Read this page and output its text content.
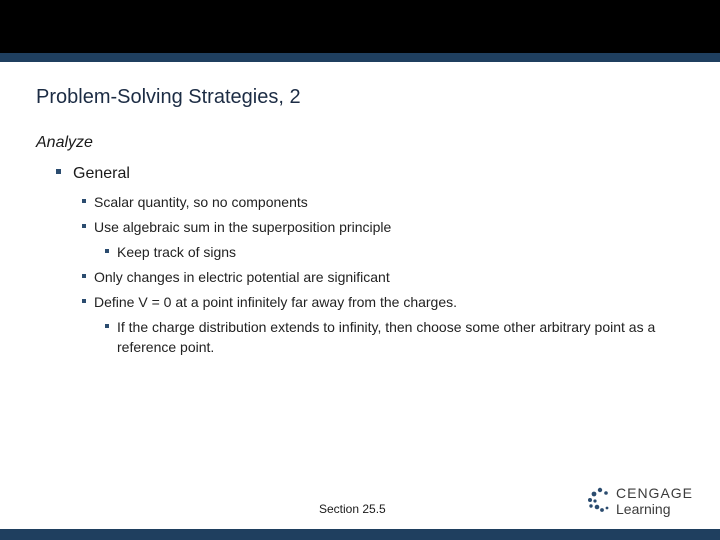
Problem-Solving Strategies, 2
Analyze
General
Scalar quantity, so no components
Use algebraic sum in the superposition principle
Keep track of signs
Only changes in electric potential are significant
Define V = 0 at a point infinitely far away from the charges.
If the charge distribution extends to infinity, then choose some other arbitrary point as a reference point.
Section 25.5
CENGAGE
Learning
